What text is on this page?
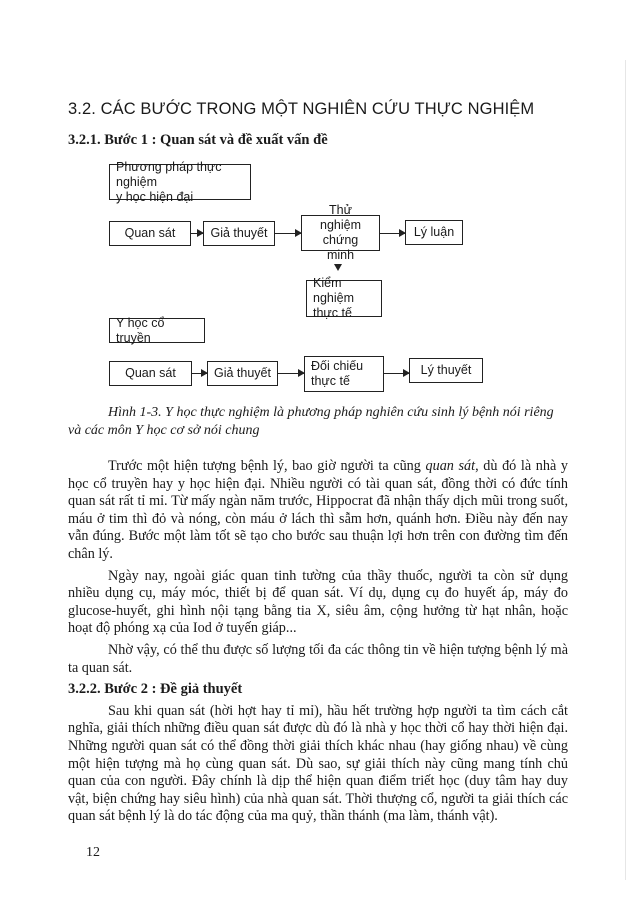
3.2. CÁC BƯỚC TRONG MỘT NGHIÊN CỨU THỰC NGHIỆM
3.2.1. Bước 1 : Quan sát và đề xuất vấn đề
Phương pháp thực nghiệm
y học hiện đại
Quan sát	Giả thuyết
Thử nghiệm
chứng minh
Lý luận
Kiểm nghiệm
thực tế
Y học cổ truyền
Quan sát	Giả thuyết	Đối chiếu
thực tế
Lý thuyết
Hình 1-3. Y học thực nghiệm là phương pháp nghiên cứu sinh lý bệnh nói riêng
và các môn Y học cơ sở nói chung

Trước một hiện tượng bệnh lý, bao giờ người ta cũng quan sát, dù đó là nhà y học cổ truyền hay y học hiện đại. Nhiều người có tài quan sát, đồng thời có đức tính quan sát rất tỉ mỉ. Từ mấy ngàn năm trước, Hippocrat đã nhận thấy dịch mũi trong suốt, máu ở tim thì đỏ và nóng, còn máu ở lách thì sẫm hơn, quánh hơn. Điều này đến nay vẫn đúng. Bước một làm tốt sẽ tạo cho bước sau thuận lợi hơn trên con đường tìm đến chân lý.

Ngày nay, ngoài giác quan tinh tường của thầy thuốc, người ta còn sử dụng nhiều dụng cụ, máy móc, thiết bị để quan sát. Ví dụ, dụng cụ đo huyết áp, máy đo glucose-huyết, ghi hình nội tạng bằng tia X, siêu âm, cộng hưởng từ hạt nhân, hoặc hoạt độ phóng xạ của Iod ở tuyến giáp...

Nhờ vậy, có thể thu được số lượng tối đa các thông tin về hiện tượng bệnh lý mà ta quan sát.

3.2.2. Bước 2 : Đề giả thuyết

Sau khi quan sát (hời hợt hay tỉ mỉ), hầu hết trường hợp người ta tìm cách cắt nghĩa, giải thích những điều quan sát được dù đó là nhà y học thời cổ hay thời hiện đại. Những người quan sát có thể đồng thời giải thích khác nhau (hay giống nhau) về cùng một hiện tượng mà họ cùng quan sát. Dù sao, sự giải thích này cũng mang tính chủ quan của con người. Đây chính là dịp thể hiện quan điểm triết học (duy tâm hay duy vật, biện chứng hay siêu hình) của nhà quan sát. Thời thượng cổ, người ta giải thích các quan sát bệnh lý là do tác động của ma quỷ, thần thánh (ma làm, thánh vật).

12
